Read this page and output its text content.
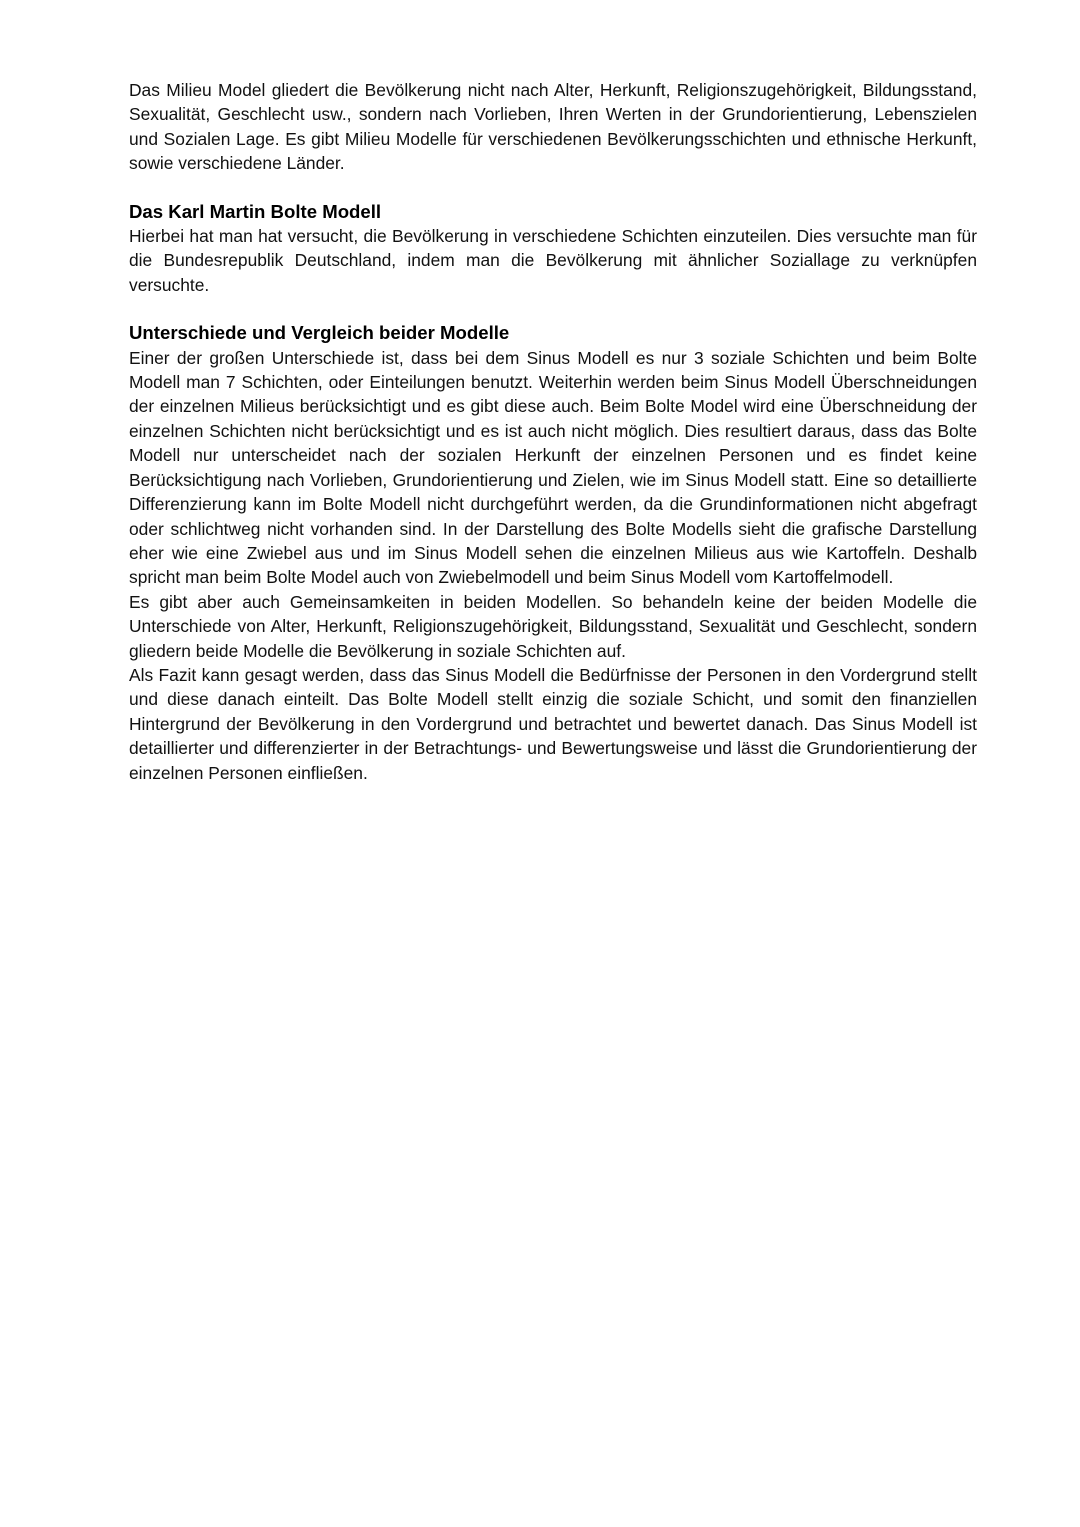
Das Milieu Model gliedert die Bevölkerung nicht nach Alter, Herkunft, Religionszugehörigkeit, Bildungsstand, Sexualität, Geschlecht usw., sondern nach Vorlieben, Ihren Werten in der Grundorientierung, Lebenszielen und Sozialen Lage. Es gibt Milieu Modelle für verschiedenen Bevölkerungsschichten und ethnische Herkunft, sowie verschiedene Länder.

Das Karl Martin Bolte Modell

Hierbei hat man hat versucht, die Bevölkerung in verschiedene Schichten einzuteilen. Dies versuchte man für die Bundesrepublik Deutschland, indem man die Bevölkerung mit ähnlicher Soziallage zu verknüpfen versuchte.

Unterschiede und Vergleich beider Modelle

Einer der großen Unterschiede ist, dass bei dem Sinus Modell es nur 3 soziale Schichten und beim Bolte Modell man 7 Schichten, oder Einteilungen benutzt. Weiterhin werden beim Sinus Modell Überschneidungen der einzelnen Milieus berücksichtigt und es gibt diese auch. Beim Bolte Model wird eine Überschneidung der einzelnen Schichten nicht berücksichtigt und es ist auch nicht möglich. Dies resultiert daraus, dass das Bolte Modell nur unterscheidet nach der sozialen Herkunft der einzelnen Personen und es findet keine Berücksichtigung nach Vorlieben, Grundorientierung und Zielen, wie im Sinus Modell statt. Eine so detaillierte Differenzierung kann im Bolte Modell nicht durchgeführt werden, da die Grundinformationen nicht abgefragt oder schlichtweg nicht vorhanden sind. In der Darstellung des Bolte Modells sieht die grafische Darstellung eher wie eine Zwiebel aus und im Sinus Modell sehen die einzelnen Milieus aus wie Kartoffeln. Deshalb spricht man beim Bolte Model auch von Zwiebelmodell und beim Sinus Modell vom Kartoffelmodell.

Es gibt aber auch Gemeinsamkeiten in beiden Modellen. So behandeln keine der beiden Modelle die Unterschiede von Alter, Herkunft, Religionszugehörigkeit, Bildungsstand, Sexualität und Geschlecht, sondern gliedern beide Modelle die Bevölkerung in soziale Schichten auf.

Als Fazit kann gesagt werden, dass das Sinus Modell die Bedürfnisse der Personen in den Vordergrund stellt und diese danach einteilt. Das Bolte Modell stellt einzig die soziale Schicht, und somit den finanziellen Hintergrund der Bevölkerung in den Vordergrund und betrachtet und bewertet danach. Das Sinus Modell ist detaillierter und differenzierter in der Betrachtungs- und Bewertungsweise und lässt die Grundorientierung der einzelnen Personen einfließen.
